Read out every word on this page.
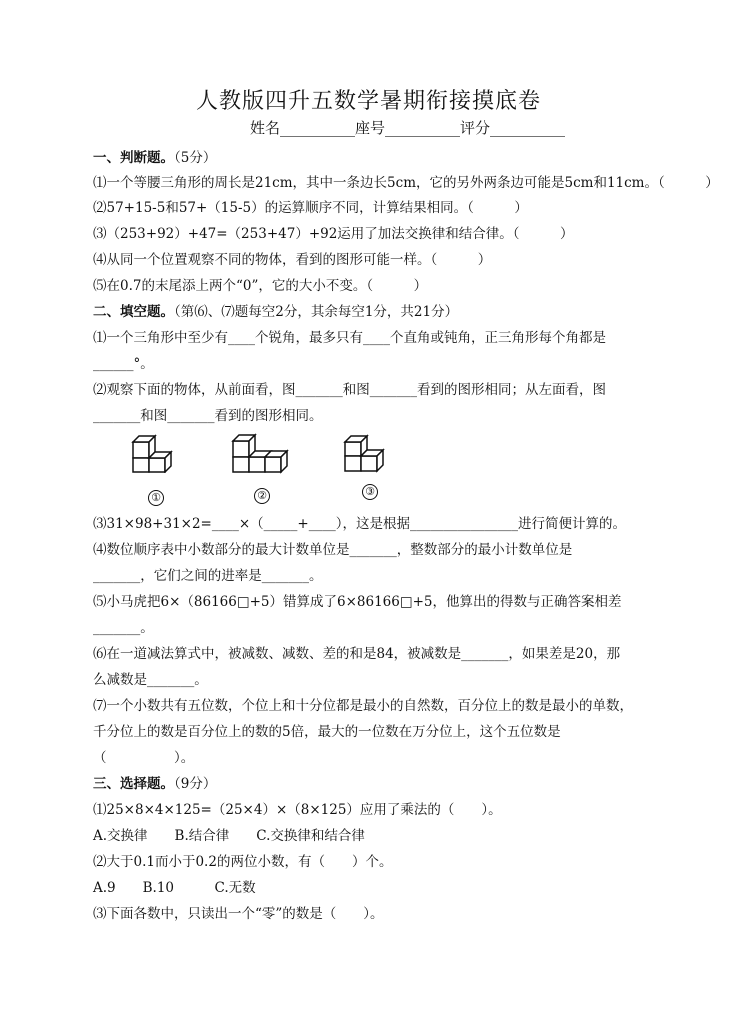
人教版四升五数学暑期衔接摸底卷
姓名__________座号__________评分__________
一、判断题。（5分）
⑴一个等腰三角形的周长是21cm，其中一条边长5cm，它的另外两条边可能是5cm和11cm。（　　　）
⑵57+15-5和57+（15-5）的运算顺序不同，计算结果相同。（　　　）
⑶（253+92）+47=（253+47）+92运用了加法交换律和结合律。（　　　）
⑷从同一个位置观察不同的物体，看到的图形可能一样。（　　　）
⑸在0.7的末尾添上两个“0”，它的大小不变。（　　　）
二、填空题。（第⑹、⑺题每空2分，其余每空1分，共21分）
⑴一个三角形中至少有____个锐角，最多只有____个直角或钝角，正三角形每个角都是
______°。
⑵观察下面的物体，从前面看，图_______和图_______看到的图形相同；从左面看，图
_______和图_______看到的图形相同。
①	②	③
⑶31×98+31×2=____×（_____+____），这是根据________________进行简便计算的。
⑷数位顺序表中小数部分的最大计数单位是_______，整数部分的最小计数单位是
_______，它们之间的进率是_______。
⑸小马虎把6×（86166□+5）错算成了6×86166□+5，他算出的得数与正确答案相差
_______。
⑹在一道减法算式中，被减数、减数、差的和是84，被减数是_______，如果差是20，那
么减数是_______。
⑺一个小数共有五位数，个位上和十分位都是最小的自然数，百分位上的数是最小的单数，
千分位上的数是百分位上的数的5倍，最大的一位数在万分位上，这个五位数是
（　　　　　）。
三、选择题。（9分）
⑴25×8×4×125=（25×4）×（8×125）应用了乘法的（　　）。
A.交换律　　B.结合律　　C.交换律和结合律
⑵大于0.1而小于0.2的两位小数，有（　　）个。
A.9　　B.10　　　C.无数
⑶下面各数中，只读出一个“零”的数是（　　）。
